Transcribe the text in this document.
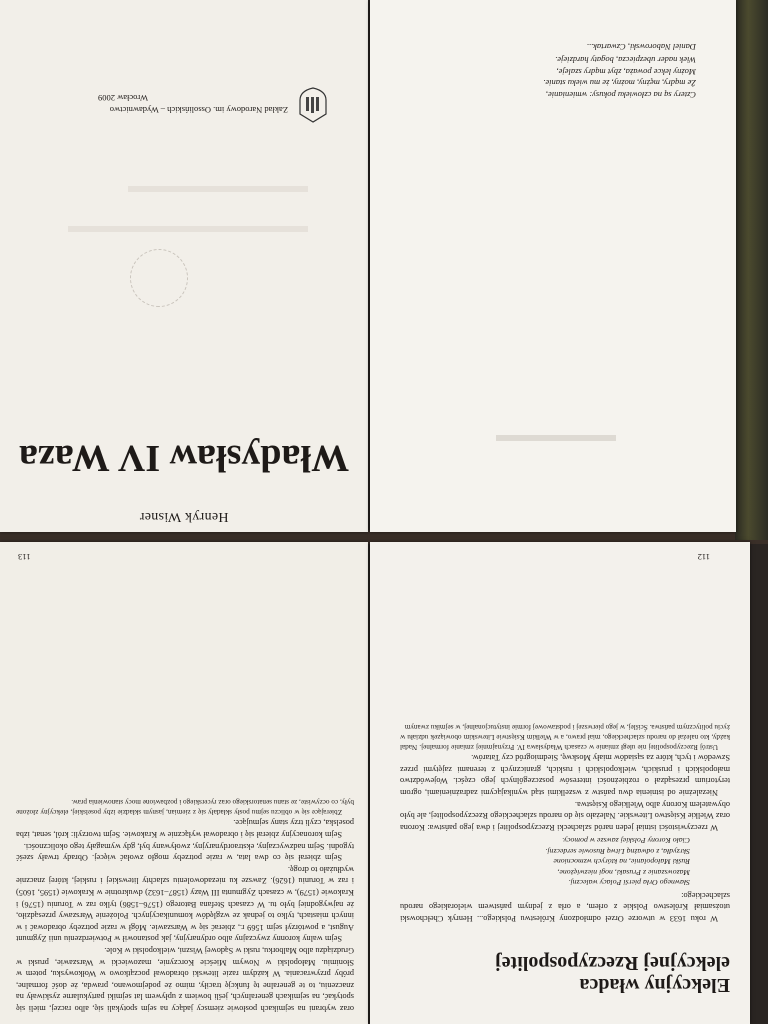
Henryk Wisner
Władysław IV Waza
Zakład Narodowy im. Ossolińskich – Wydawnictwo
Wrocław 2009	Cztery są na człowieku pokusy: wmienianie,
Że mądry, mężny, możny, że mu wieku stanie.
Możny lekce poważa, zbyt mądry szaleje,
Wiek nader ubezpiecza, bogaty hardzieje.
Daniel Naborowski, Czwartak...
▬▬▬▬▬▬

oraz wybrani na sejmikach posłowie ziemscy jadący na sejm spotykali się, albo raczej, mieli się spotykać, na sejmikach generalnych, jeśli bowiem z upływem lat sejmiki partykularne zyskiwały na znaczeniu, to te generalne tę funkcję traciły, mimo że podejmowano, prawda, że dość formalne, próby przywracania. W każdym razie litewski obradował początkowo w Wołkowysku, potem w Słonimiu. Małopolski w Nowym Mieście Korczynie, mazowiecki w Warszawie, pruski w Grudziądzu albo Malborku, ruski w Sądowej Wiszni, wielkopolski w Kole.

Sejm walny koronny zwyczajny albo ordynaryjny, jak postanowił w Potwierdzeniu unii Zygmunt August, a powtórzył sejm 1569 r., zbierać się w Warszawie. Mógł w razie potrzeby obradować i w innych miastach, tylko to jednak ze względów komunikacyjnych. Polożenie Warszawy przesądziło, że najwygodniej było tu. W czasach Stefana Batorego (1576–1586) tylko raz w Toruniu (1576) i Krakowie (1579), w czasach Zygmunta III Wazy (1587–1632) dwukrotnie w Krakowie (1595, 1605) i raz w Toruniu (1626). Zawsze ku niezadowoleniu szlachty litewskiej i ruskiej, której znacznie wydłużało to drogę.

Sejm zbierał się co dwa lata, w razie potrzeby mogło zwołać więcej. Obrady trwały sześć tygodni. Sejm nadzwyczajny, ekstraordynaryjny, zwoływany był, gdy wymagały tego okoliczności.

Sejm koronacyjny zbierał się i obradował wyłącznie w Krakowie. Sejm tworzyli: król, senat, izba poselska, czyli trzy stany sejmujące.

Zbierające się w obliczu sejmu posły składały się z ziemian, jasnym składzie izby poselskiej, elekcyjny złożone były, co oczywiste, ze stanu senatorskiego oraz rycerskiego i pozbawione mocy stanowienia praw.

113
Elekcyjny władca
elekcyjnej Rzeczypospolitej

W roku 1633 w utworze Orzeł odmłodzony Królestwu Polskiego... Henryk Chełchowski utożsamiał Królestwo Polskie z orłem, a orła z jednym państwem wielorakiego narodu szlacheckiego:

Sławnego Orła pierśi Polacy walecznj.
Mazowszanie z Prusaki, nogi niezwiężone,
Ruśki Małopolanie, na których wzmocnione
Skrzydła, z odważną Litwą Rusowie serdecznj.
Ciało Korony Polskiej zawsze w pomocy.

W rzeczywistości istniał jeden naród szlachecki Rzeczypospolitej i dwa jego państwa: Korona oraz Wielkie Księstwo Litewskie. Należało się do narodu szlacheckiego Rzeczypospolitej, ale było obywatelem Korony albo Wielkiego Księstwa.

Niezależnie od istnienia dwu państw z wszelkimi stąd wynikającymi zadrażnieniami, ogrom terytorium przesądzał o rozbieżności interesów poszczególnych jego części. Województwo małopolskich i pruskich, wielkopolskich i ruskich, granicznych z terenami zajętymi przez Szwedów i tych, które za sąsiadów miały Moskwę, Siedmiogród czy Tatarów.

Ustrój Rzeczypospolitej nie uległ zmianie w czasach Władysława IV. Przynajmniej zmianie formalnej. Nadal każdy, kto należał do narodu szlacheckiego, miał prawo, a w Wielkim Księstwie Litewskim obowiązek udziału w życiu politycznym państwa. Ściślej, w jego pierwszej i podstawowej formie instytucjonalnej, w sejmiku zwanym

112
